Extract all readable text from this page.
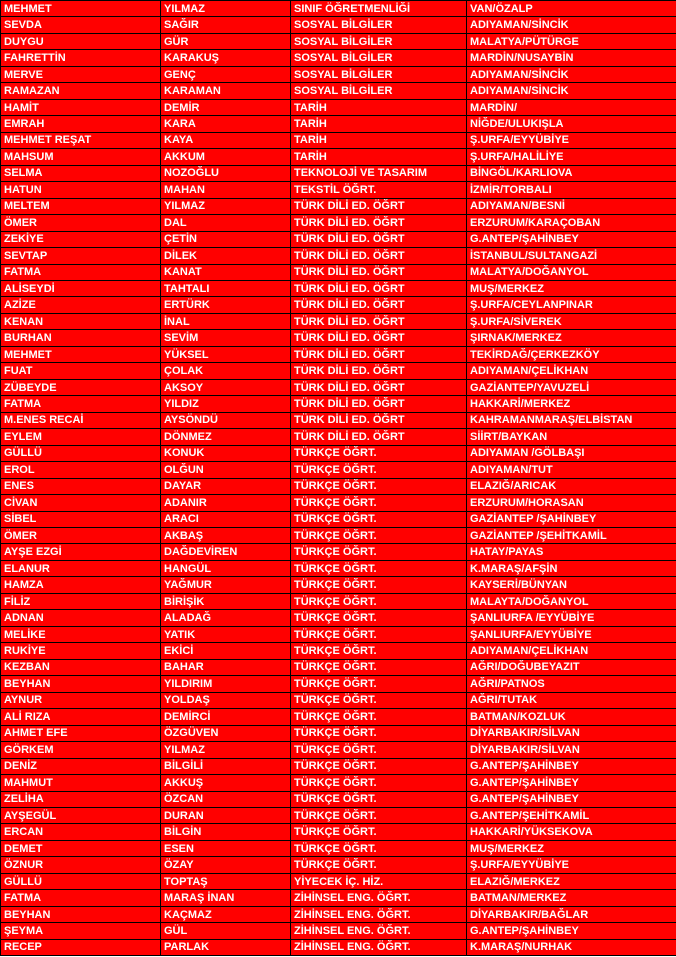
MEHMET	YILMAZ	SINIF ÖĞRETMENLİĞİ	VAN/ÖZALP
SEVDA	SAĞIR	SOSYAL BİLGİLER	ADIYAMAN/SİNCİK
DUYGU	GÜR	SOSYAL BİLGİLER	MALATYA/PÜTÜRGE
FAHRETTİN	KARAKUŞ	SOSYAL BİLGİLER	MARDİN/NUSAYBİN
MERVE	GENÇ	SOSYAL BİLGİLER	ADIYAMAN/SİNCİK
RAMAZAN	KARAMAN	SOSYAL BİLGİLER	ADIYAMAN/SİNCİK
HAMİT	DEMİR	TARİH	MARDİN/
EMRAH	KARA	TARİH	NİĞDE/ULUKIŞLA
MEHMET REŞAT	KAYA	TARİH	Ş.URFA/EYYÜBİYE
MAHSUM	AKKUM	TARİH	Ş.URFA/HALİLİYE
SELMA	NOZOĞLU	TEKNOLOJİ VE TASARIM	BİNGÖL/KARLIOVA
HATUN	MAHAN	TEKSTİL ÖĞRT.	İZMİR/TORBALI
MELTEM	YILMAZ	TÜRK DİLİ ED. ÖĞRT	ADIYAMAN/BESNİ
ÖMER	DAL	TÜRK DİLİ ED. ÖĞRT	ERZURUM/KARAÇOBAN
ZEKİYE	ÇETİN	TÜRK DİLİ ED. ÖĞRT	G.ANTEP/ŞAHİNBEY
SEVTAP	DİLEK	TÜRK DİLİ ED. ÖĞRT	İSTANBUL/SULTANGAZİ
FATMA	KANAT	TÜRK DİLİ ED. ÖĞRT	MALATYA/DOĞANYOL
ALİSEYDİ	TAHTALI	TÜRK DİLİ ED. ÖĞRT	MUŞ/MERKEZ
AZİZE	ERTÜRK	TÜRK DİLİ ED. ÖĞRT	Ş.URFA/CEYLANPINAR
KENAN	İNAL	TÜRK DİLİ ED. ÖĞRT	Ş.URFA/SİVEREK
BURHAN	SEVİM	TÜRK DİLİ ED. ÖĞRT	ŞIRNAK/MERKEZ
MEHMET	YÜKSEL	TÜRK DİLİ ED. ÖĞRT	TEKİRDAĞ/ÇERKEZKÖY
FUAT	ÇOLAK	TÜRK DİLİ ED. ÖĞRT	ADIYAMAN/ÇELİKHAN
ZÜBEYDE	AKSOY	TÜRK DİLİ ED. ÖĞRT	GAZİANTEP/YAVUZELİ
FATMA	YILDIZ	TÜRK DİLİ ED. ÖĞRT	HAKKARİ/MERKEZ
M.ENES RECAİ	AYSÖNDÜ	TÜRK DİLİ ED. ÖĞRT	KAHRAMANMARAŞ/ELBİSTAN
EYLEM	DÖNMEZ	TÜRK DİLİ ED. ÖĞRT	SİİRT/BAYKAN
GÜLLÜ	KONUK	TÜRKÇE ÖĞRT.	ADIYAMAN /GÖLBAŞI
EROL	OLĞUN	TÜRKÇE ÖĞRT.	ADIYAMAN/TUT
ENES	DAYAR	TÜRKÇE ÖĞRT.	ELAZIĞ/ARICAK
CİVAN	ADANIR	TÜRKÇE ÖĞRT.	ERZURUM/HORASAN
SİBEL	ARACI	TÜRKÇE ÖĞRT.	GAZİANTEP /ŞAHİNBEY
ÖMER	AKBAŞ	TÜRKÇE ÖĞRT.	GAZİANTEP /ŞEHİTKAMİL
AYŞE EZGİ	DAĞDEVİREN	TÜRKÇE ÖĞRT.	HATAY/PAYAS
ELANUR	HANGÜL	TÜRKÇE ÖĞRT.	K.MARAŞ/AFŞİN
HAMZA	YAĞMUR	TÜRKÇE ÖĞRT.	KAYSERİ/BÜNYAN
FİLİZ	BİRİŞİK	TÜRKÇE ÖĞRT.	MALAYTA/DOĞANYOL
ADNAN	ALADAĞ	TÜRKÇE ÖĞRT.	ŞANLIURFA /EYYÜBİYE
MELİKE	YATIK	TÜRKÇE ÖĞRT.	ŞANLIURFA/EYYÜBİYE
RUKİYE	EKİCİ	TÜRKÇE ÖĞRT.	ADIYAMAN/ÇELİKHAN
KEZBAN	BAHAR	TÜRKÇE ÖĞRT.	AĞRI/DOĞUBEYAZIT
BEYHAN	YILDIRIM	TÜRKÇE ÖĞRT.	AĞRI/PATNOS
AYNUR	YOLDAŞ	TÜRKÇE ÖĞRT.	AĞRI/TUTAK
ALİ RIZA	DEMİRCİ	TÜRKÇE ÖĞRT.	BATMAN/KOZLUK
AHMET EFE	ÖZGÜVEN	TÜRKÇE ÖĞRT.	DİYARBAKIR/SİLVAN
GÖRKEM	YILMAZ	TÜRKÇE ÖĞRT.	DİYARBAKIR/SİLVAN
DENİZ	BİLGİLİ	TÜRKÇE ÖĞRT.	G.ANTEP/ŞAHİNBEY
MAHMUT	AKKUŞ	TÜRKÇE ÖĞRT.	G.ANTEP/ŞAHİNBEY
ZELİHA	ÖZCAN	TÜRKÇE ÖĞRT.	G.ANTEP/ŞAHİNBEY
AYŞEGÜL	DURAN	TÜRKÇE ÖĞRT.	G.ANTEP/ŞEHİTKAMİL
ERCAN	BİLGİN	TÜRKÇE ÖĞRT.	HAKKARİ/YÜKSEKOVA
DEMET	ESEN	TÜRKÇE ÖĞRT.	MUŞ/MERKEZ
ÖZNUR	ÖZAY	TÜRKÇE ÖĞRT.	Ş.URFA/EYYÜBİYE
GÜLLÜ	TOPTAŞ	YİYECEK İÇ. HİZ.	ELAZIĞ/MERKEZ
FATMA	MARAŞ İNAN	ZİHİNSEL ENG. ÖĞRT.	BATMAN/MERKEZ
BEYHAN	KAÇMAZ	ZİHİNSEL ENG. ÖĞRT.	DİYARBAKIR/BAĞLAR
ŞEYMA	GÜL	ZİHİNSEL ENG. ÖĞRT.	G.ANTEP/ŞAHİNBEY
RECEP	PARLAK	ZİHİNSEL ENG. ÖĞRT.	K.MARAŞ/NURHAK
